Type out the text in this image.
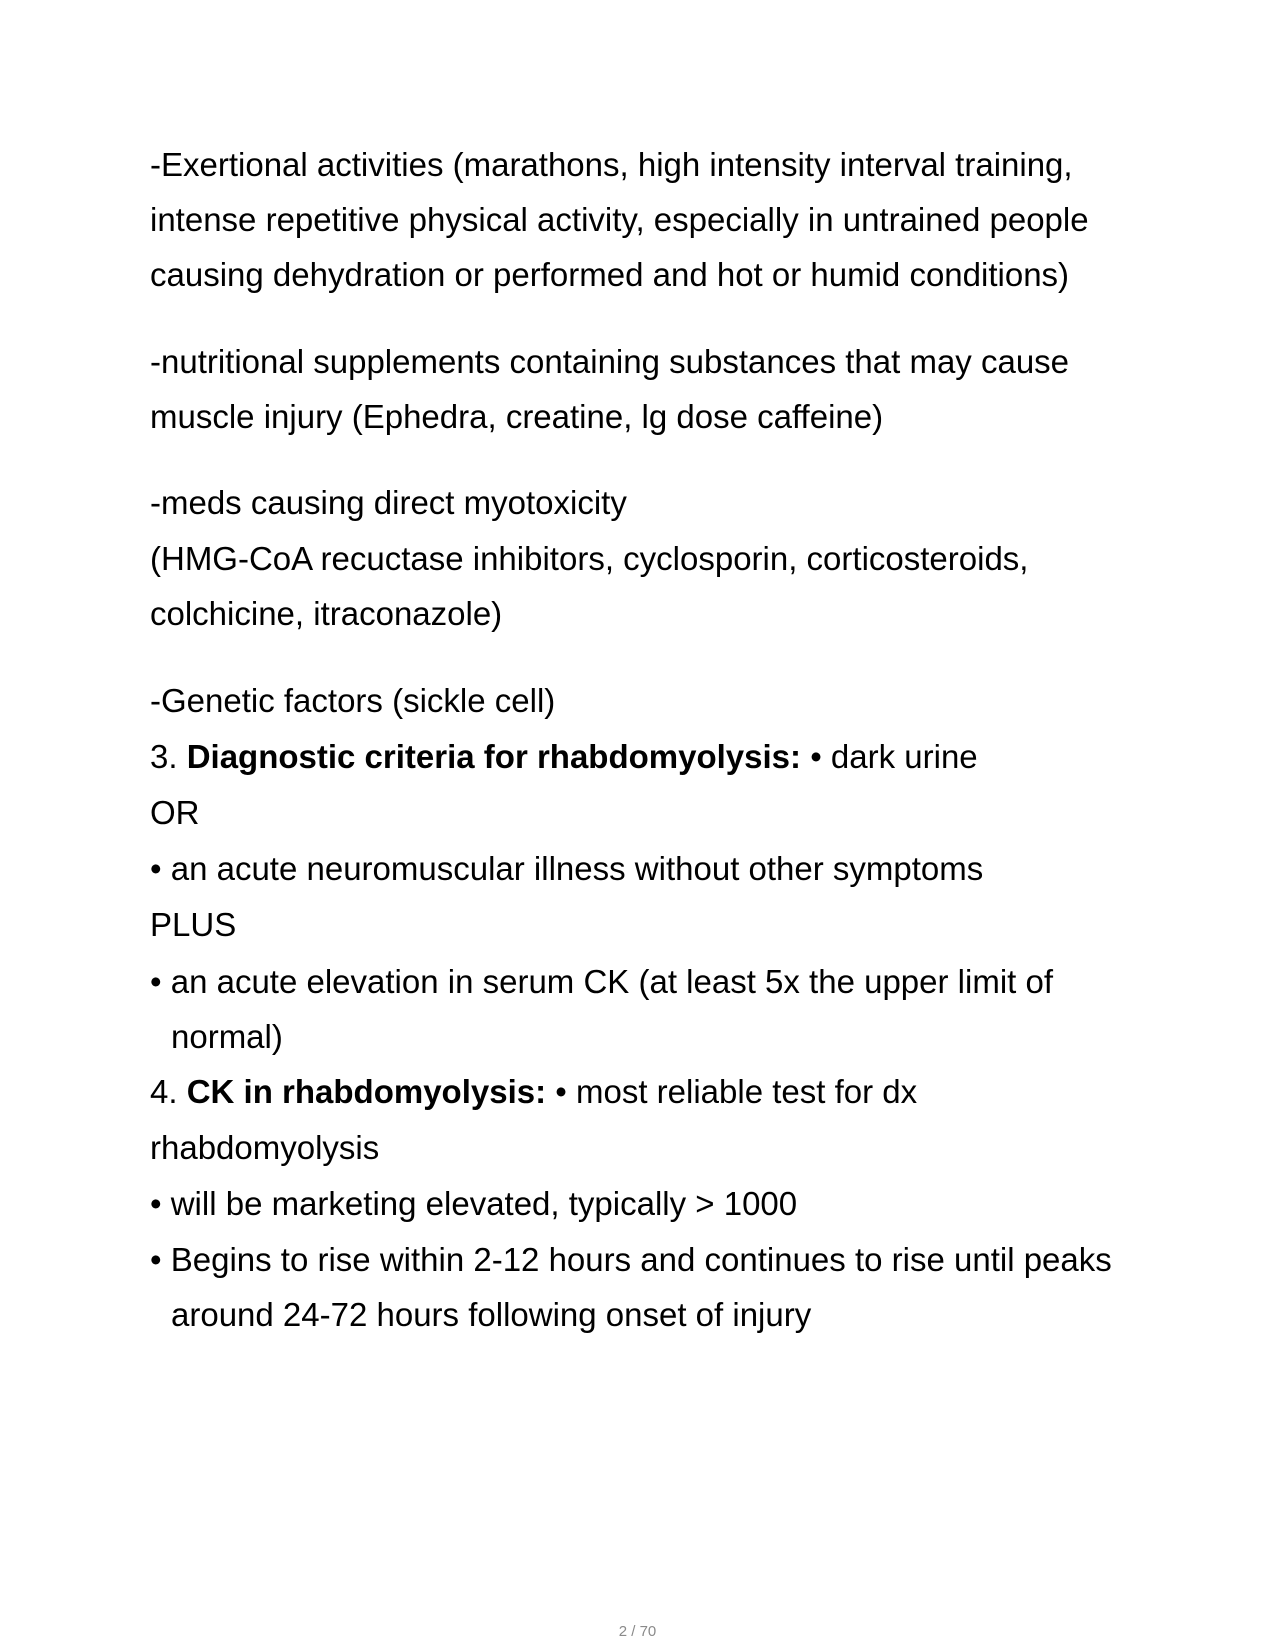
-Exertional activities (marathons, high intensity interval training,
intense repetitive physical activity, especially in untrained people
causing dehydration or performed and hot or humid conditions)
-nutritional supplements containing substances that may cause
muscle injury (Ephedra, creatine, lg dose caffeine)
-meds causing direct myotoxicity
(HMG-CoA recuctase inhibitors, cyclosporin, corticosteroids,
colchicine, itraconazole)
-Genetic factors (sickle cell)
3. Diagnostic criteria for rhabdomyolysis: • dark urine
OR
• an acute neuromuscular illness without other symptoms
PLUS
• an acute elevation in serum CK (at least 5x the upper limit of
normal)
4. CK in rhabdomyolysis: • most reliable test for dx
rhabdomyolysis
• will be marketing elevated, typically > 1000
• Begins to rise within 2-12 hours and continues to rise until peaks
around 24-72 hours following onset of injury
2 / 70
